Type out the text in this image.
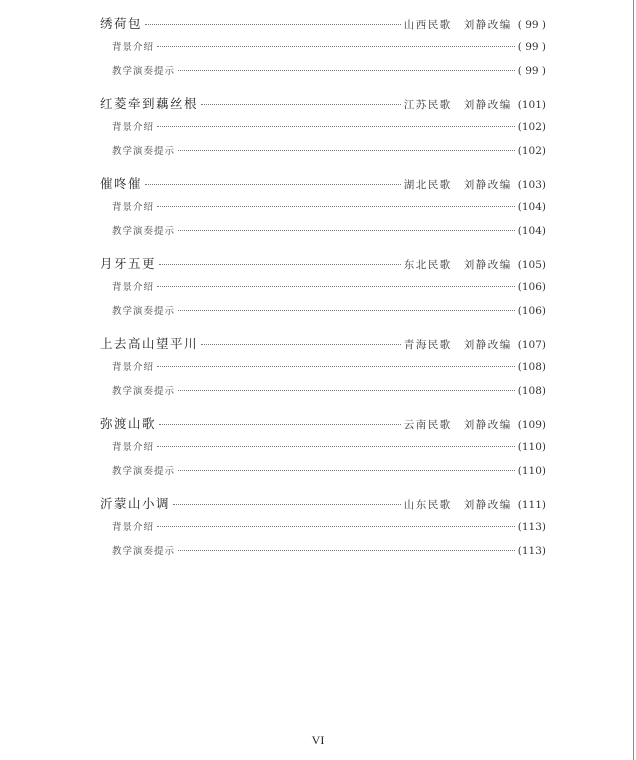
绣荷包	山西民歌　刘静改编 ( 99 )
背景介绍	( 99 )
教学演奏提示	( 99 )
红菱牵到藕丝根	江苏民歌　刘静改编 (101)
背景介绍	(102)
教学演奏提示	(102)
催咚催	湖北民歌　刘静改编 (103)
背景介绍	(104)
教学演奏提示	(104)
月牙五更	东北民歌　刘静改编 (105)
背景介绍	(106)
教学演奏提示	(106)
上去高山望平川	青海民歌　刘静改编 (107)
背景介绍	(108)
教学演奏提示	(108)
弥渡山歌	云南民歌　刘静改编 (109)
背景介绍	(110)
教学演奏提示	(110)
沂蒙山小调	山东民歌　刘静改编 (111)
背景介绍	(113)
教学演奏提示	(113)
VI
